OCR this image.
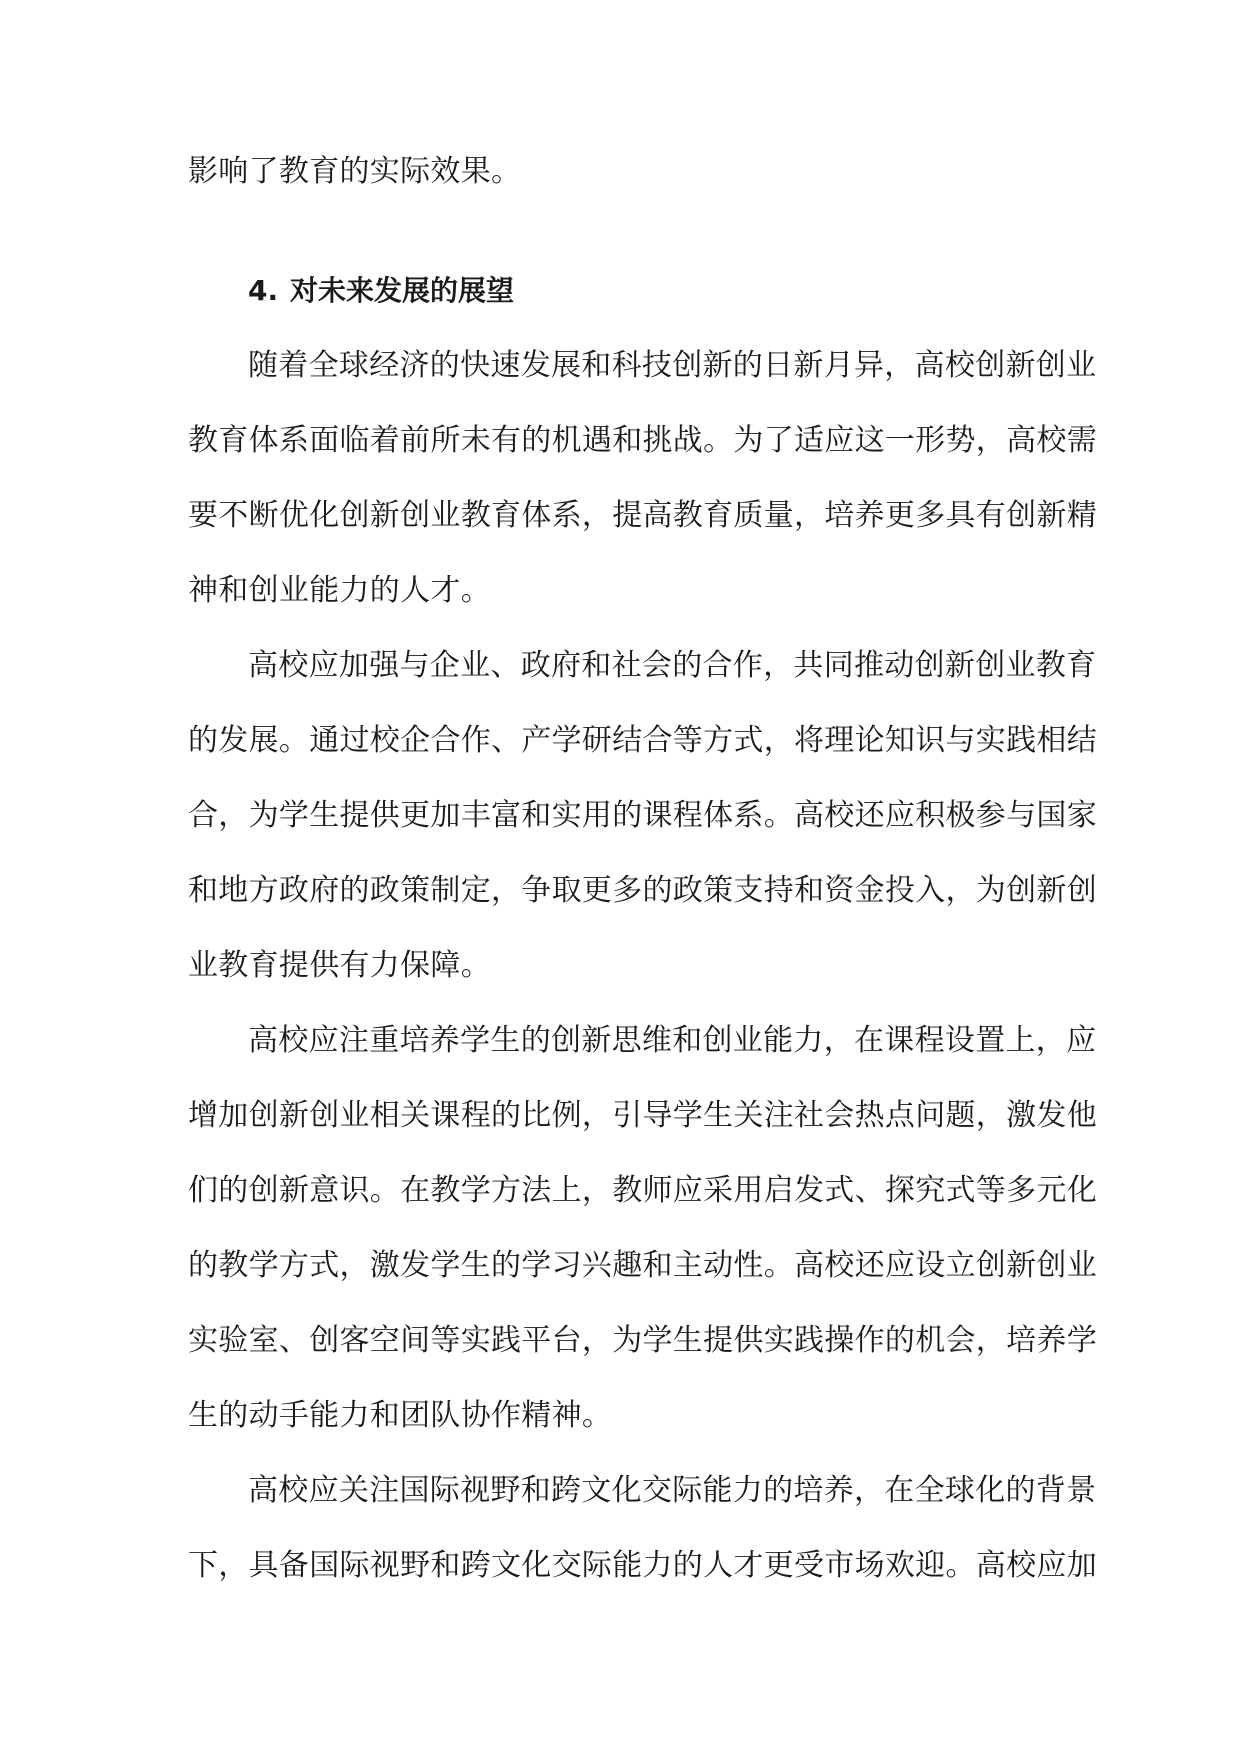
影响了教育的实际效果。
4. 对未来发展的展望
随着全球经济的快速发展和科技创新的日新月异，高校创新创业
教育体系面临着前所未有的机遇和挑战。为了适应这一形势，高校需
要不断优化创新创业教育体系，提高教育质量，培养更多具有创新精
神和创业能力的人才。
高校应加强与企业、政府和社会的合作，共同推动创新创业教育
的发展。通过校企合作、产学研结合等方式，将理论知识与实践相结
合，为学生提供更加丰富和实用的课程体系。高校还应积极参与国家
和地方政府的政策制定，争取更多的政策支持和资金投入，为创新创
业教育提供有力保障。
高校应注重培养学生的创新思维和创业能力，在课程设置上，应
增加创新创业相关课程的比例，引导学生关注社会热点问题，激发他
们的创新意识。在教学方法上，教师应采用启发式、探究式等多元化
的教学方式，激发学生的学习兴趣和主动性。高校还应设立创新创业
实验室、创客空间等实践平台，为学生提供实践操作的机会，培养学
生的动手能力和团队协作精神。
高校应关注国际视野和跨文化交际能力的培养，在全球化的背景
下，具备国际视野和跨文化交际能力的人才更受市场欢迎。高校应加
